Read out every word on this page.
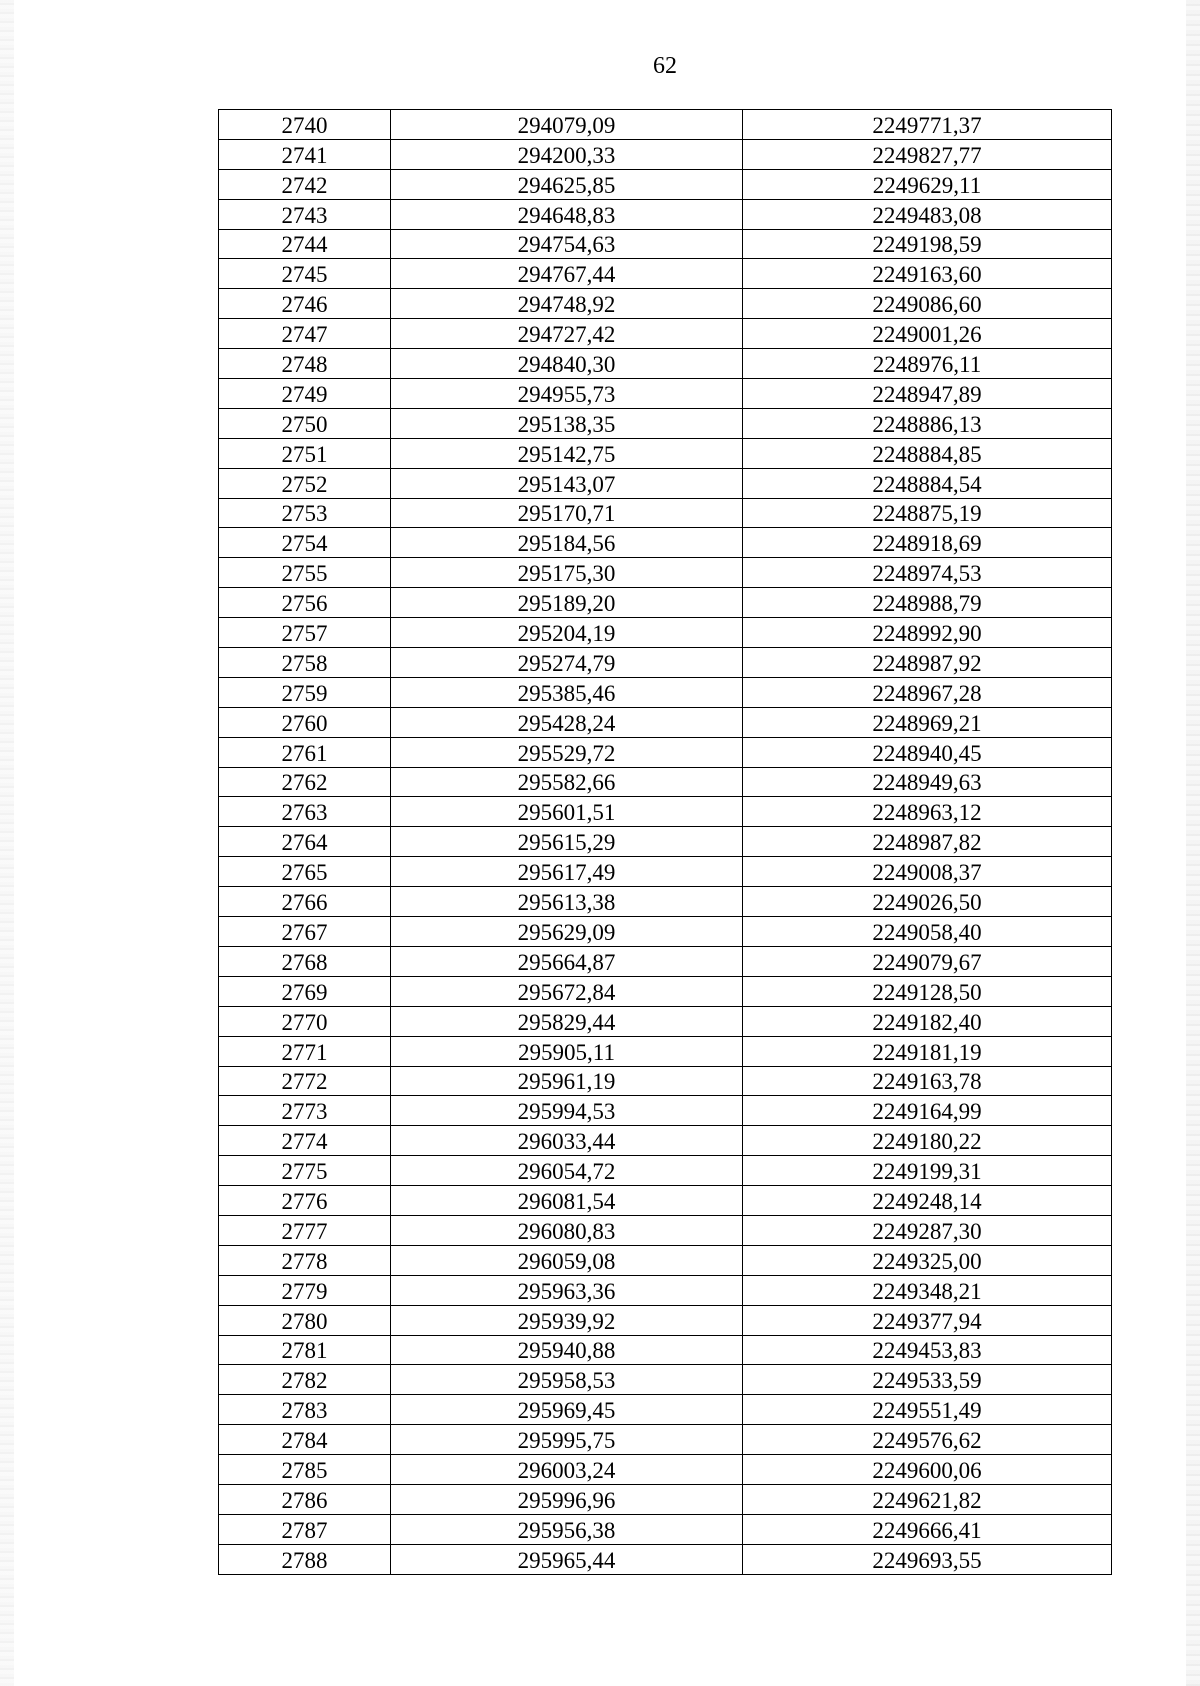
62
2740	294079,09	2249771,37
2741	294200,33	2249827,77
2742	294625,85	2249629,11
2743	294648,83	2249483,08
2744	294754,63	2249198,59
2745	294767,44	2249163,60
2746	294748,92	2249086,60
2747	294727,42	2249001,26
2748	294840,30	2248976,11
2749	294955,73	2248947,89
2750	295138,35	2248886,13
2751	295142,75	2248884,85
2752	295143,07	2248884,54
2753	295170,71	2248875,19
2754	295184,56	2248918,69
2755	295175,30	2248974,53
2756	295189,20	2248988,79
2757	295204,19	2248992,90
2758	295274,79	2248987,92
2759	295385,46	2248967,28
2760	295428,24	2248969,21
2761	295529,72	2248940,45
2762	295582,66	2248949,63
2763	295601,51	2248963,12
2764	295615,29	2248987,82
2765	295617,49	2249008,37
2766	295613,38	2249026,50
2767	295629,09	2249058,40
2768	295664,87	2249079,67
2769	295672,84	2249128,50
2770	295829,44	2249182,40
2771	295905,11	2249181,19
2772	295961,19	2249163,78
2773	295994,53	2249164,99
2774	296033,44	2249180,22
2775	296054,72	2249199,31
2776	296081,54	2249248,14
2777	296080,83	2249287,30
2778	296059,08	2249325,00
2779	295963,36	2249348,21
2780	295939,92	2249377,94
2781	295940,88	2249453,83
2782	295958,53	2249533,59
2783	295969,45	2249551,49
2784	295995,75	2249576,62
2785	296003,24	2249600,06
2786	295996,96	2249621,82
2787	295956,38	2249666,41
2788	295965,44	2249693,55
